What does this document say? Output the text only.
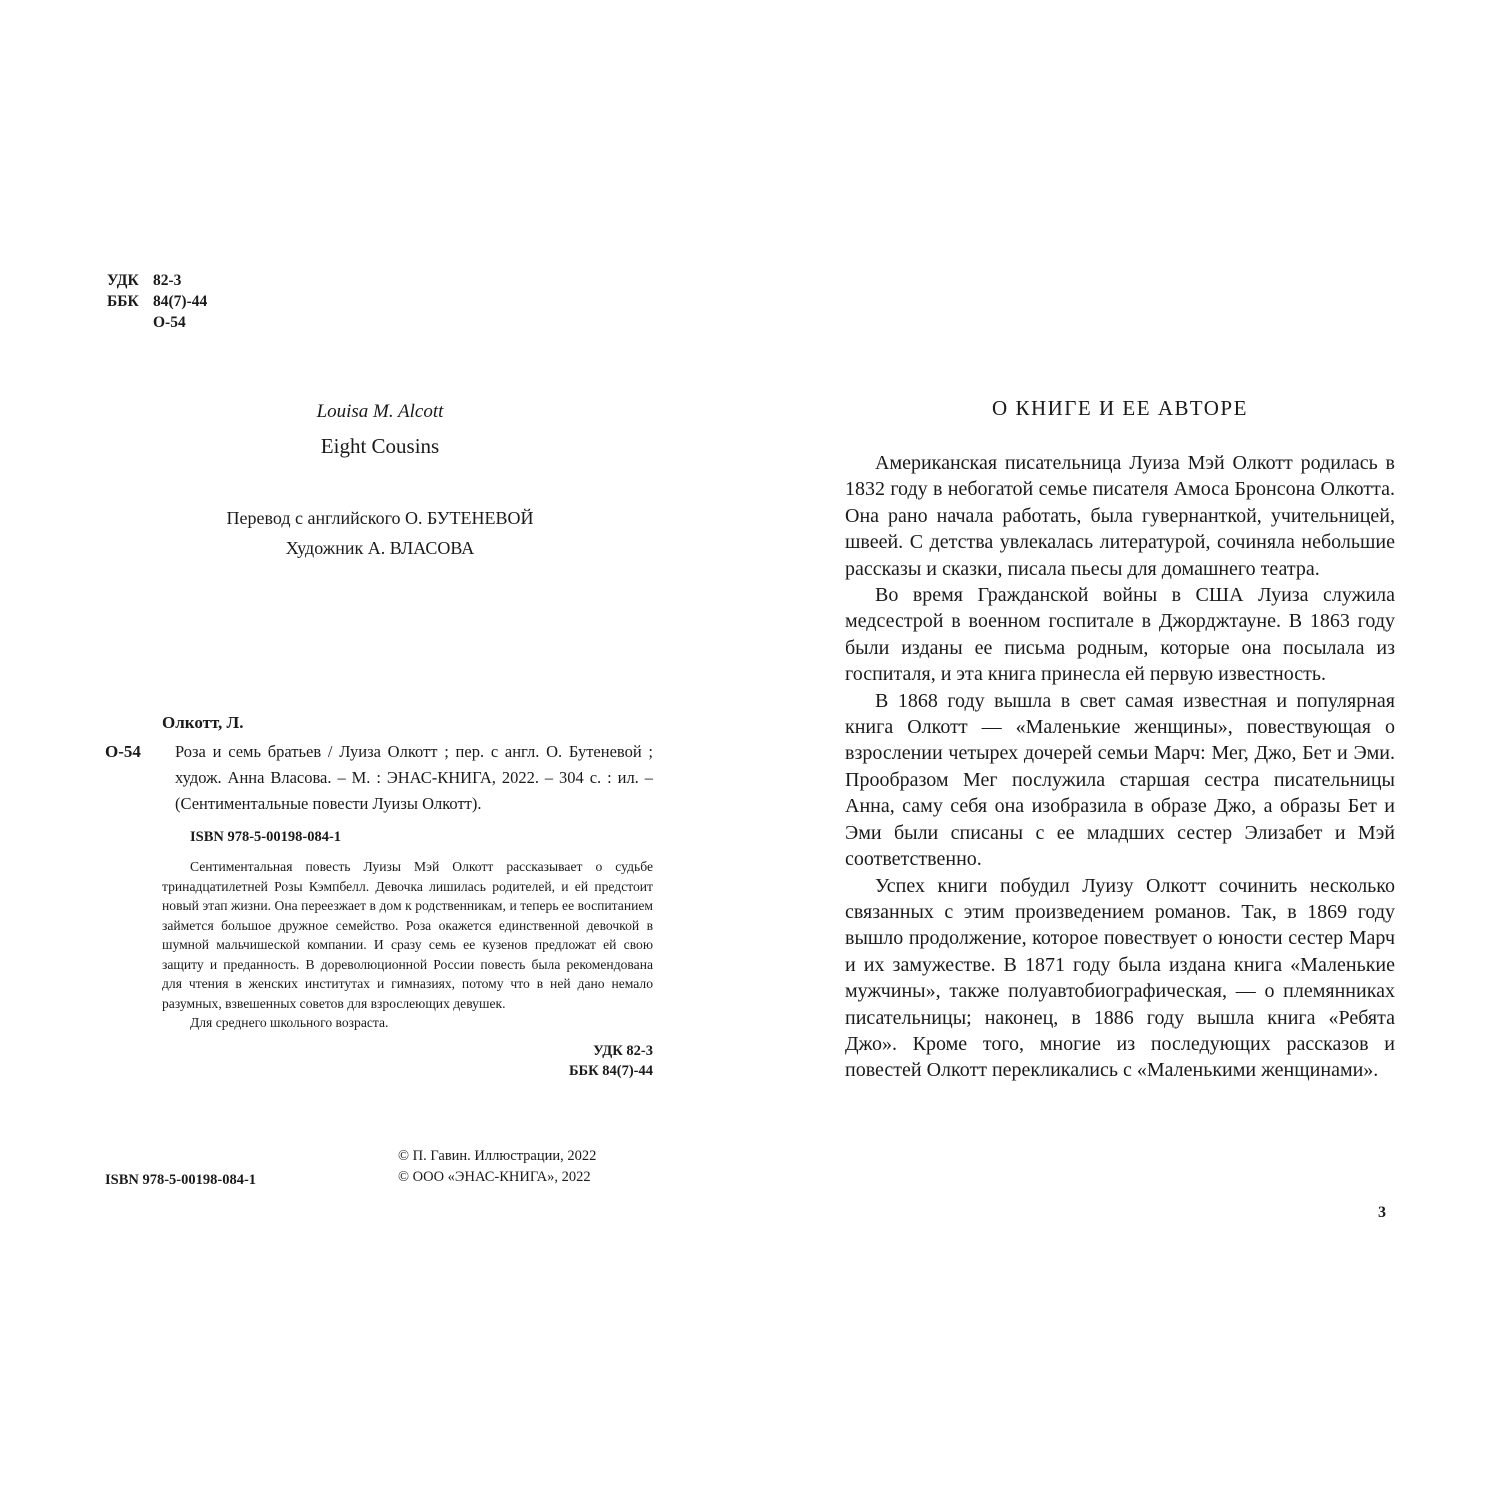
УДК 82-3
ББК 84(7)-44
О-54
Louisa M. Alcott
Eight Cousins
Перевод с английского О. БУТЕНЕВОЙ
Художник А. ВЛАСОВА
Олкотт, Л.
О-54	Роза и семь братьев / Луиза Олкотт ; пер. с англ. О. Бутеневой ; худож. Анна Власова. – М. : ЭНАС-КНИГА, 2022. – 304 с. : ил. – (Сентиментальные повести Луизы Олкотт).
ISBN 978-5-00198-084-1

Сентиментальная повесть Луизы Мэй Олкотт рассказывает о судьбе тринадцатилетней Розы Кэмпбелл. Девочка лишилась родителей, и ей предстоит новый этап жизни. Она переезжает в дом к родственникам, и теперь ее воспитанием займется большое дружное семейство. Роза окажется единственной девочкой в шумной мальчишеской компании. И сразу семь ее кузенов предложат ей свою защиту и преданность. В дореволюционной России повесть была рекомендована для чтения в женских институтах и гимназиях, потому что в ней дано немало разумных, взвешенных советов для взрослеющих девушек.

Для среднего школьного возраста.

УДК 82-3
ББК 84(7)-44
ISBN 978-5-00198-084-1
© П. Гавин. Иллюстрации, 2022
© ООО «ЭНАС-КНИГА», 2022
О КНИГЕ И ЕЕ АВТОРЕ

Американская писательница Луиза Мэй Олкотт родилась в 1832 году в небогатой семье писателя Амоса Бронсона Олкотта. Она рано начала работать, была гувернанткой, учительницей, швеей. С детства увлекалась литературой, сочиняла небольшие рассказы и сказки, писала пьесы для домашнего театра.

Во время Гражданской войны в США Луиза служила медсестрой в военном госпитале в Джорджтауне. В 1863 году были изданы ее письма родным, которые она посылала из госпиталя, и эта книга принесла ей первую известность.

В 1868 году вышла в свет самая известная и популярная книга Олкотт — «Маленькие женщины», повествующая о взрослении четырех дочерей семьи Марч: Мег, Джо, Бет и Эми. Прообразом Мег послужила старшая сестра писательницы Анна, саму себя она изобразила в образе Джо, а образы Бет и Эми были списаны с ее младших сестер Элизабет и Мэй соответственно.

Успех книги побудил Луизу Олкотт сочинить несколько связанных с этим произведением романов. Так, в 1869 году вышло продолжение, которое повествует о юности сестер Марч и их замужестве. В 1871 году была издана книга «Маленькие мужчины», также полуавтобиографическая, — о племянниках писательницы; наконец, в 1886 году вышла книга «Ребята Джо». Кроме того, многие из последующих рассказов и повестей Олкотт перекликались с «Маленькими женщинами».

3
